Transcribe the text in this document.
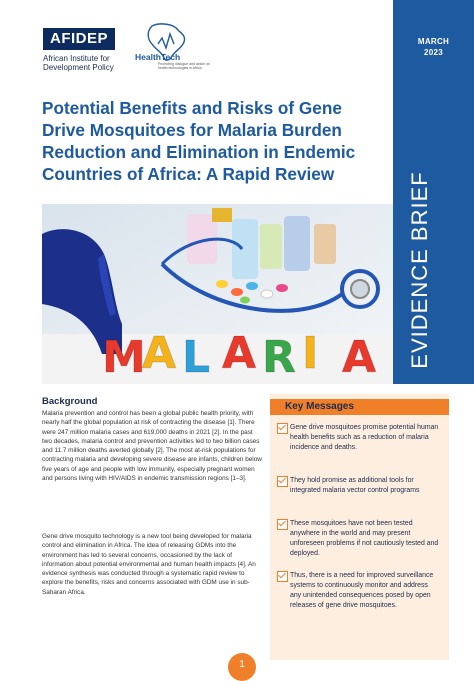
AFIDEP
African Institute for Development Policy
HealthTech
Promoting dialogue and action on health technologies in Africa
MARCH
2023
EVIDENCE BRIEF
Potential Benefits and Risks of Gene
Drive Mosquitoes for Malaria Burden
Reduction and Elimination in Endemic
Countries of Africa: A Rapid Review
M
A L A R I A
Background

Malaria prevention and control has been a global public health priority, with nearly half the global population at risk of contracting the disease [1]. There were 247 million malaria cases and 619,000 deaths in 2021 [2]. In the past two decades, malaria control and prevention activities led to two billion cases and 11.7 million deaths averted globally [2]. The most at-risk populations for contracting malaria and developing severe disease are infants, children below five years of age and people with low immunity, especially pregnant women and persons living with HIV/AIDS in endemic transmission regions [1–3].

Gene drive mosquito technology is a new tool being developed for malaria control and elimination in Africa. The idea of releasing GDMs into the environment has led to several concerns, occasioned by the lack of information about potential environmental and human health impacts [4]. An evidence synthesis was conducted through a systematic rapid review to explore the benefits, risks and concerns associated with GDM use in sub-Saharan Africa.

Key Messages
Gene drive mosquitoes promise potential human health benefits such as a reduction of malaria incidence and deaths.
They hold promise as additional tools for integrated malaria vector control programs
These mosquitoes have not been tested anywhere in the world and may present unforeseen problems if not cautiously tested and deployed.
Thus, there is a need for improved surveillance systems to continuously monitor and address any unintended consequences posed by open releases of gene drive mosquitoes.
1
